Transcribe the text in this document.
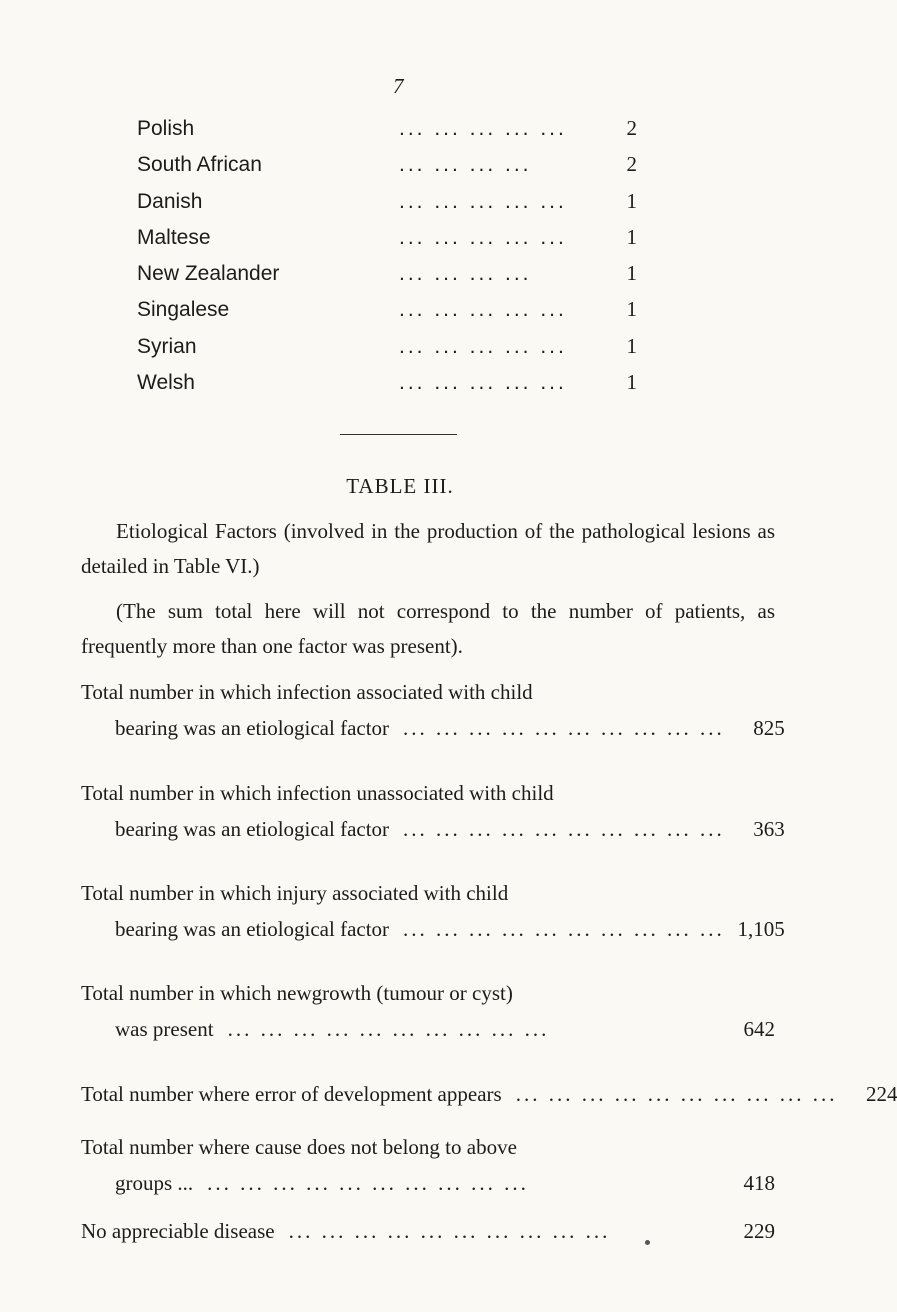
7
Polish	... ... ... ... ...	2
South African	... ... ... ...	2
Danish	... ... ... ... ...	1
Maltese	... ... ... ... ...	1
New Zealander	... ... ... ...	1
Singalese	... ... ... ... ...	1
Syrian	... ... ... ... ...	1
Welsh	... ... ... ... ...	1
TABLE III.
Etiological Factors (involved in the production of the pathological lesions as detailed in Table VI.)
(The sum total here will not correspond to the number of patients, as frequently more than one factor was present).
Total number in which infection associated with child
bearing was an etiological factor ... ... ... ... ... ... ... ... ... ...	825
Total number in which infection unassociated with child
bearing was an etiological factor ... ... ... ... ... ... ... ... ... ...	363
Total number in which injury associated with child
bearing was an etiological factor ... ... ... ... ... ... ... ... ... ... 1,105
Total number in which newgrowth (tumour or cyst)
was present ... ... ... ... ... ... ... ... ... ...	642
Total number where error of development appears ... ... ... ... ... ... ... ... ... ...	224
Total number where cause does not belong to above
groups ... ... ... ... ... ... ... ... ... ... ...	418
No appreciable disease ... ... ... ... ... ... ... ... ... ...	229
